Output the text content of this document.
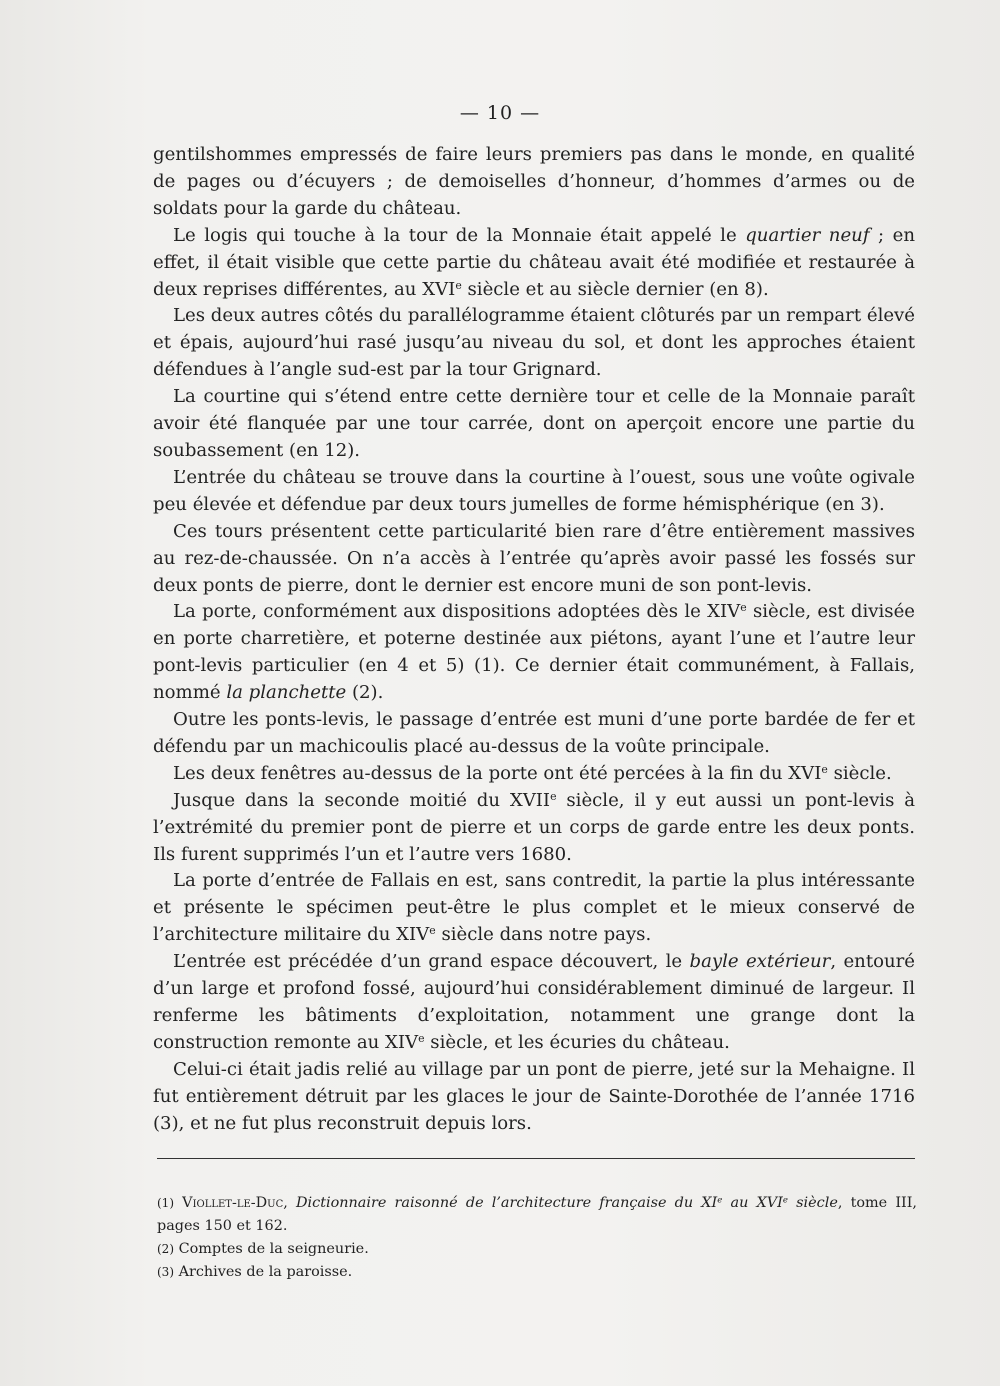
— 10 —

gentilshommes empressés de faire leurs premiers pas dans le monde, en qualité de pages ou d’écuyers ; de demoiselles d’honneur, d’hommes d’armes ou de soldats pour la garde du château.

Le logis qui touche à la tour de la Monnaie était appelé le quartier neuf ; en effet, il était visible que cette partie du château avait été modifiée et restaurée à deux reprises différentes, au XVIe siècle et au siècle dernier (en 8).

Les deux autres côtés du parallélogramme étaient clôturés par un rempart élevé et épais, aujourd’hui rasé jusqu’au niveau du sol, et dont les approches étaient défendues à l’angle sud-est par la tour Grignard.

La courtine qui s’étend entre cette dernière tour et celle de la Monnaie paraît avoir été flanquée par une tour carrée, dont on aperçoit encore une partie du soubassement (en 12).

L’entrée du château se trouve dans la courtine à l’ouest, sous une voûte ogivale peu élevée et défendue par deux tours jumelles de forme hémisphérique (en 3).

Ces tours présentent cette particularité bien rare d’être entièrement massives au rez-de-chaussée. On n’a accès à l’entrée qu’après avoir passé les fossés sur deux ponts de pierre, dont le dernier est encore muni de son pont-levis.

La porte, conformément aux dispositions adoptées dès le XIVe siècle, est divisée en porte charretière, et poterne destinée aux piétons, ayant l’une et l’autre leur pont-levis particulier (en 4 et 5) (1). Ce dernier était communément, à Fallais, nommé la planchette (2).

Outre les ponts-levis, le passage d’entrée est muni d’une porte bardée de fer et défendu par un machicoulis placé au-dessus de la voûte principale.

Les deux fenêtres au-dessus de la porte ont été percées à la fin du XVIe siècle.

Jusque dans la seconde moitié du XVIIe siècle, il y eut aussi un pont-levis à l’extrémité du premier pont de pierre et un corps de garde entre les deux ponts. Ils furent supprimés l’un et l’autre vers 1680.

La porte d’entrée de Fallais en est, sans contredit, la partie la plus intéressante et présente le spécimen peut-être le plus complet et le mieux conservé de l’architecture militaire du XIVe siècle dans notre pays.

L’entrée est précédée d’un grand espace découvert, le bayle extérieur, entouré d’un large et profond fossé, aujourd’hui considérablement diminué de largeur. Il renferme les bâtiments d’exploitation, notamment une grange dont la construction remonte au XIVe siècle, et les écuries du château.

Celui-ci était jadis relié au village par un pont de pierre, jeté sur la Mehaigne. Il fut entièrement détruit par les glaces le jour de Sainte-Dorothée de l’année 1716 (3), et ne fut plus reconstruit depuis lors.

(1) Viollet-le-Duc, Dictionnaire raisonné de l’architecture française du XIe au XVIe siècle, tome III, pages 150 et 162.

(2) Comptes de la seigneurie.

(3) Archives de la paroisse.
